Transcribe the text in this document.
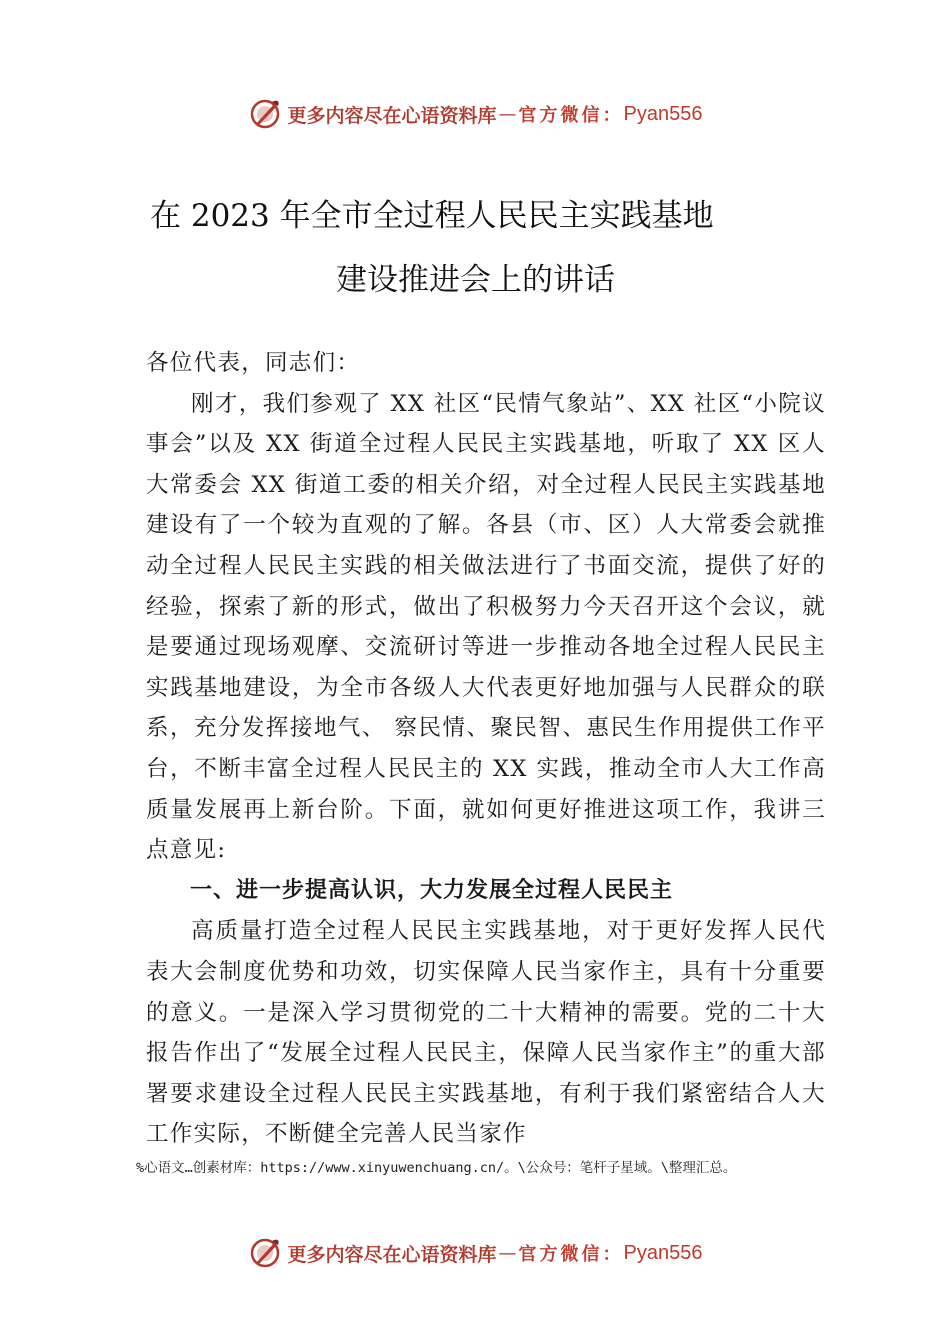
更多内容尽在心语资料库 — 官方微信： Pyan556
在 2023 年全市全过程人民民主实践基地
建设推进会上的讲话

各位代表，同志们：

刚才，我们参观了 XX 社区“民情气象站”、XX 社区“小院议事会”以及 XX 街道全过程人民民主实践基地，听取了 XX 区人大常委会 XX 街道工委的相关介绍，对全过程人民民主实践基地建设有了一个较为直观的了解。各县（市、区）人大常委会就推动全过程人民民主实践的相关做法进行了书面交流，提供了好的经验，探索了新的形式，做出了积极努力今天召开这个会议，就是要通过现场观摩、交流研讨等进一步推动各地全过程人民民主实践基地建设，为全市各级人大代表更好地加强与人民群众的联系，充分发挥接地气、 察民情、聚民智、惠民生作用提供工作平台，不断丰富全过程人民民主的 XX 实践，推动全市人大工作高质量发展再上新台阶。下面，就如何更好推进这项工作，我讲三点意见:

一、进一步提高认识，大力发展全过程人民民主

高质量打造全过程人民民主实践基地，对于更好发挥人民代表大会制度优势和功效，切实保障人民当家作主，具有十分重要的意义。一是深入学习贯彻党的二十大精神的需要。党的二十大报告作出了“发展全过程人民民主，保障人民当家作主”的重大部署要求建设全过程人民民主实践基地，有利于我们紧密结合人大工作实际，不断健全完善人民当家作

%心语文…创素材库：https://www.xinyuwenchuang.cn/。\公众号：笔杆子星域。\整理汇总。
更多内容尽在心语资料库 — 官方微信： Pyan556
